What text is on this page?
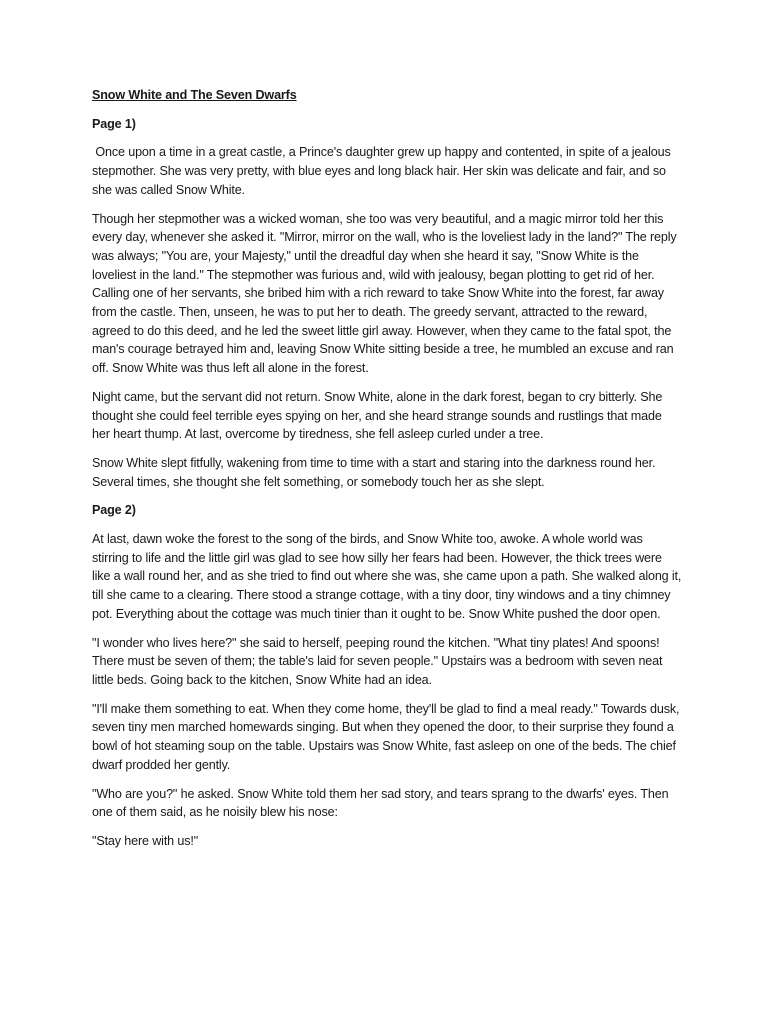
Snow White and The Seven Dwarfs

Page 1)

Once upon a time in a great castle, a Prince's daughter grew up happy and contented, in spite of a jealous stepmother. She was very pretty, with blue eyes and long black hair. Her skin was delicate and fair, and so she was called Snow White.

Though her stepmother was a wicked woman, she too was very beautiful, and a magic mirror told her this every day, whenever she asked it. "Mirror, mirror on the wall, who is the loveliest lady in the land?" The reply was always; "You are, your Majesty," until the dreadful day when she heard it say, "Snow White is the loveliest in the land." The stepmother was furious and, wild with jealousy, began plotting to get rid of her. Calling one of her servants, she bribed him with a rich reward to take Snow White into the forest, far away from the castle. Then, unseen, he was to put her to death. The greedy servant, attracted to the reward, agreed to do this deed, and he led the sweet little girl away. However, when they came to the fatal spot, the man's courage betrayed him and, leaving Snow White sitting beside a tree, he mumbled an excuse and ran off. Snow White was thus left all alone in the forest.

Night came, but the servant did not return. Snow White, alone in the dark forest, began to cry bitterly. She thought she could feel terrible eyes spying on her, and she heard strange sounds and rustlings that made her heart thump. At last, overcome by tiredness, she fell asleep curled under a tree.

Snow White slept fitfully, wakening from time to time with a start and staring into the darkness round her. Several times, she thought she felt something, or somebody touch her as she slept.

Page 2)

At last, dawn woke the forest to the song of the birds, and Snow White too, awoke. A whole world was stirring to life and the little girl was glad to see how silly her fears had been. However, the thick trees were like a wall round her, and as she tried to find out where she was, she came upon a path. She walked along it, till she came to a clearing. There stood a strange cottage, with a tiny door, tiny windows and a tiny chimney pot. Everything about the cottage was much tinier than it ought to be. Snow White pushed the door open.

"I wonder who lives here?" she said to herself, peeping round the kitchen. "What tiny plates! And spoons! There must be seven of them; the table's laid for seven people." Upstairs was a bedroom with seven neat little beds. Going back to the kitchen, Snow White had an idea.

"I'll make them something to eat. When they come home, they'll be glad to find a meal ready." Towards dusk, seven tiny men marched homewards singing. But when they opened the door, to their surprise they found a bowl of hot steaming soup on the table. Upstairs was Snow White, fast asleep on one of the beds. The chief dwarf prodded her gently.

"Who are you?" he asked. Snow White told them her sad story, and tears sprang to the dwarfs' eyes. Then one of them said, as he noisily blew his nose:

"Stay here with us!"
